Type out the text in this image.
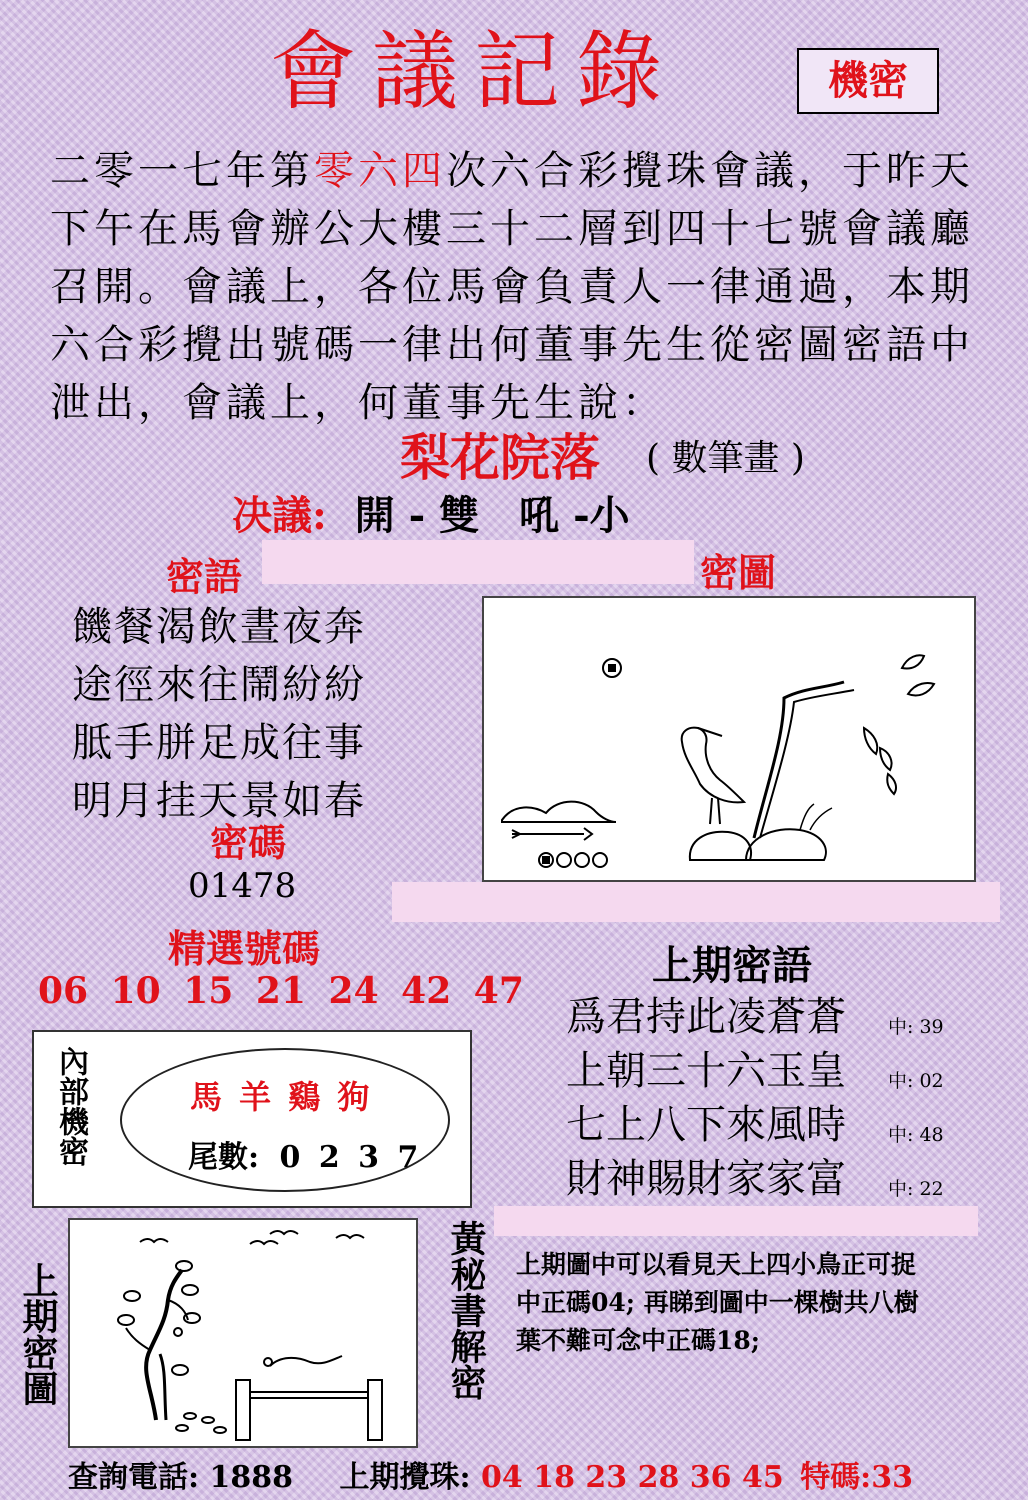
會議記錄	機密
二零一七年第零六四次六合彩攪珠會議，于昨天下午在馬會辦公大樓三十二層到四十七號會議廳召開。會議上，各位馬會負責人一律通過，本期六合彩攪出號碼一律出何董事先生從密圖密語中泄出，會議上，何董事先生說：
梨花院落 ( 數筆畫 )
决議: 開 - 雙　吼 -小
密語	密圖
饑餐渴飲晝夜奔
途徑來往鬧紛紛
胝手胼足成往事
明月挂天景如春
密碼
01478
精選號碼
06 10 15 21 24 42 47
上期密語
爲君持此凌蒼蒼 中: 39
上朝三十六玉皇 中: 02
七上八下來風時 中: 48
財神賜財家家富 中: 22
內部機密	馬 羊 鷄 狗
尾數: 0 2 3 7
上期密圖	黃秘書解密 上期圖中可以看見天上四小鳥正可捉
中正碼04; 再睇到圖中一棵樹共八樹
葉不難可念中正碼18;
查詢電話: 1888 上期攪珠: 04 18 23 28 36 45 特碼:33
